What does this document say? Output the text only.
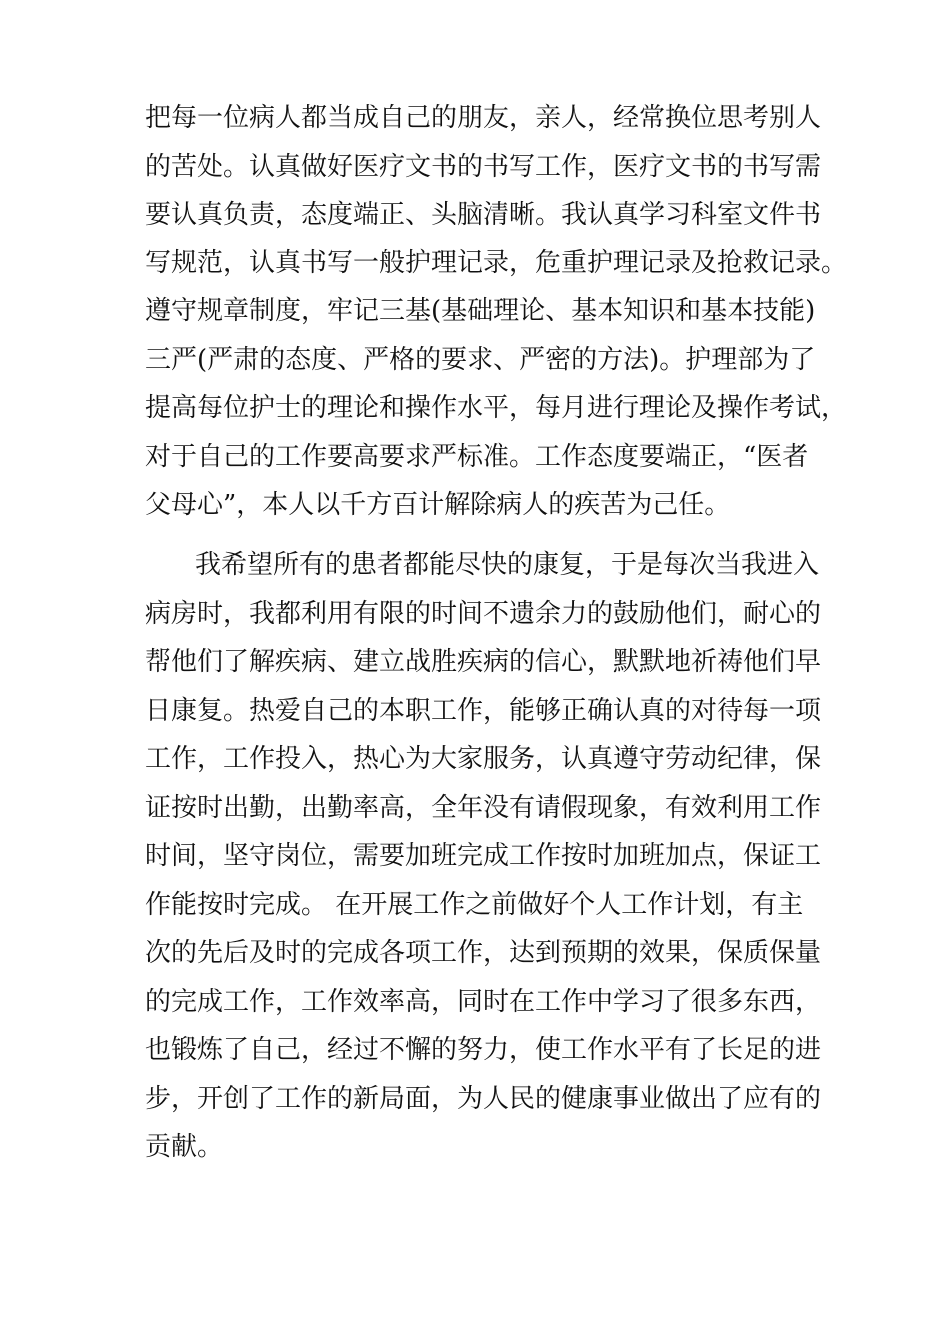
把每一位病人都当成自己的朋友，亲人，经常换位思考别人
的苦处。认真做好医疗文书的书写工作，医疗文书的书写需
要认真负责，态度端正、头脑清晰。我认真学习科室文件书
写规范，认真书写一般护理记录，危重护理记录及抢救记录。
遵守规章制度，牢记三基(基础理论、基本知识和基本技能)
三严(严肃的态度、严格的要求、严密的方法)。护理部为了
提高每位护士的理论和操作水平，每月进行理论及操作考试，
对于自己的工作要高要求严标准。工作态度要端正，“医者
父母心”，本人以千方百计解除病人的疾苦为己任。
我希望所有的患者都能尽快的康复，于是每次当我进入
病房时，我都利用有限的时间不遗余力的鼓励他们，耐心的
帮他们了解疾病、建立战胜疾病的信心，默默地祈祷他们早
日康复。热爱自己的本职工作，能够正确认真的对待每一项
工作，工作投入，热心为大家服务，认真遵守劳动纪律，保
证按时出勤，出勤率高，全年没有请假现象，有效利用工作
时间，坚守岗位，需要加班完成工作按时加班加点，保证工
作能按时完成。 在开展工作之前做好个人工作计划，有主
次的先后及时的完成各项工作，达到预期的效果，保质保量
的完成工作，工作效率高，同时在工作中学习了很多东西，
也锻炼了自己，经过不懈的努力，使工作水平有了长足的进
步，开创了工作的新局面，为人民的健康事业做出了应有的
贡献。
